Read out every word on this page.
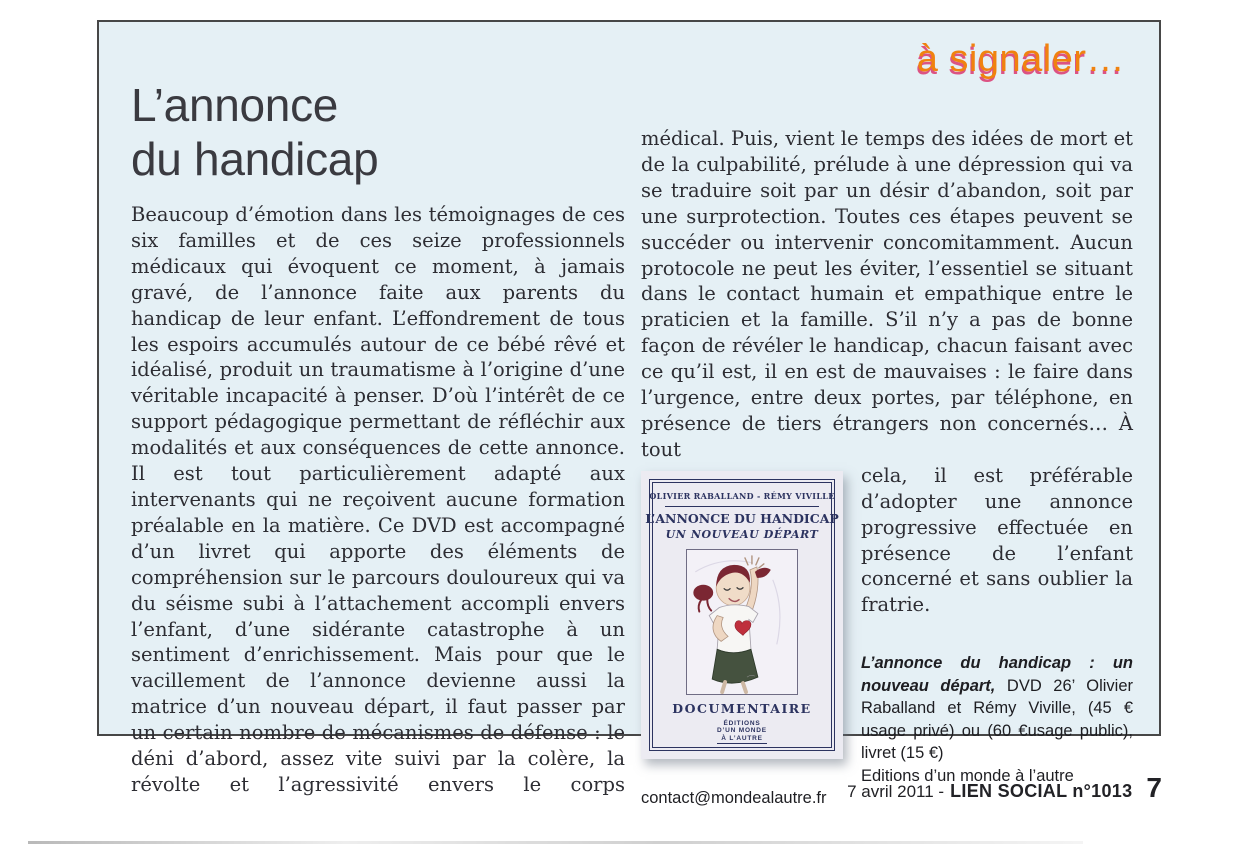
à signaler…
L’annonce
du handicap

Beaucoup d’émotion dans les témoignages de ces six familles et de ces seize professionnels médicaux qui évoquent ce moment, à jamais gravé, de l’annonce faite aux parents du handicap de leur enfant. L’effondrement de tous les espoirs accumulés autour de ce bébé rêvé et idéalisé, produit un traumatisme à l’origine d’une véritable incapacité à penser. D’où l’intérêt de ce support pédagogique permettant de réfléchir aux modalités et aux conséquences de cette annonce. Il est tout particulièrement adapté aux intervenants qui ne reçoivent aucune formation préalable en la matière. Ce DVD est accompagné d’un livret qui apporte des éléments de compréhension sur le parcours douloureux qui va du séisme subi à l’attachement accompli envers l’enfant, d’une sidérante catastrophe à un sentiment d’enrichissement. Mais pour que le vacillement de l’annonce devienne aussi la matrice d’un nouveau départ, il faut passer par un certain nombre de mécanismes de défense : le déni d’abord, assez vite suivi par la colère, la révolte et l’agressivité envers le corps

médical. Puis, vient le temps des idées de mort et de la culpabilité, prélude à une dépression qui va se traduire soit par un désir d’abandon, soit par une surprotection. Toutes ces étapes peuvent se succéder ou intervenir concomitamment. Aucun protocole ne peut les éviter, l’essentiel se situant dans le contact humain et empathique entre le praticien et la famille. S’il n’y a pas de bonne façon de révéler le handicap, chacun faisant avec ce qu’il est, il en est de mauvaises : le faire dans l’urgence, entre deux portes, par téléphone, en présence de tiers étrangers non concernés… À tout

OLIVIER RABALLAND - RÉMY VIVILLE
L’ANNONCE DU HANDICAP
UN NOUVEAU DÉPART
DOCUMENTAIRE
ÉDITIONS
D’UN MONDE
À L’AUTRE

cela, il est préférable d’adopter une annonce progressive effectuée en présence de l’enfant concerné et sans oublier la fratrie.

L’annonce du handicap : un nouveau départ, DVD 26’ Olivier Raballand et Rémy Viville, (45 € usage privé) ou (60 €usage public), livret (15 €)

Editions d’un monde à l’autre
contact@mondealautre.fr	7 avril 2011 - LIEN SOCIAL n°1013 7
